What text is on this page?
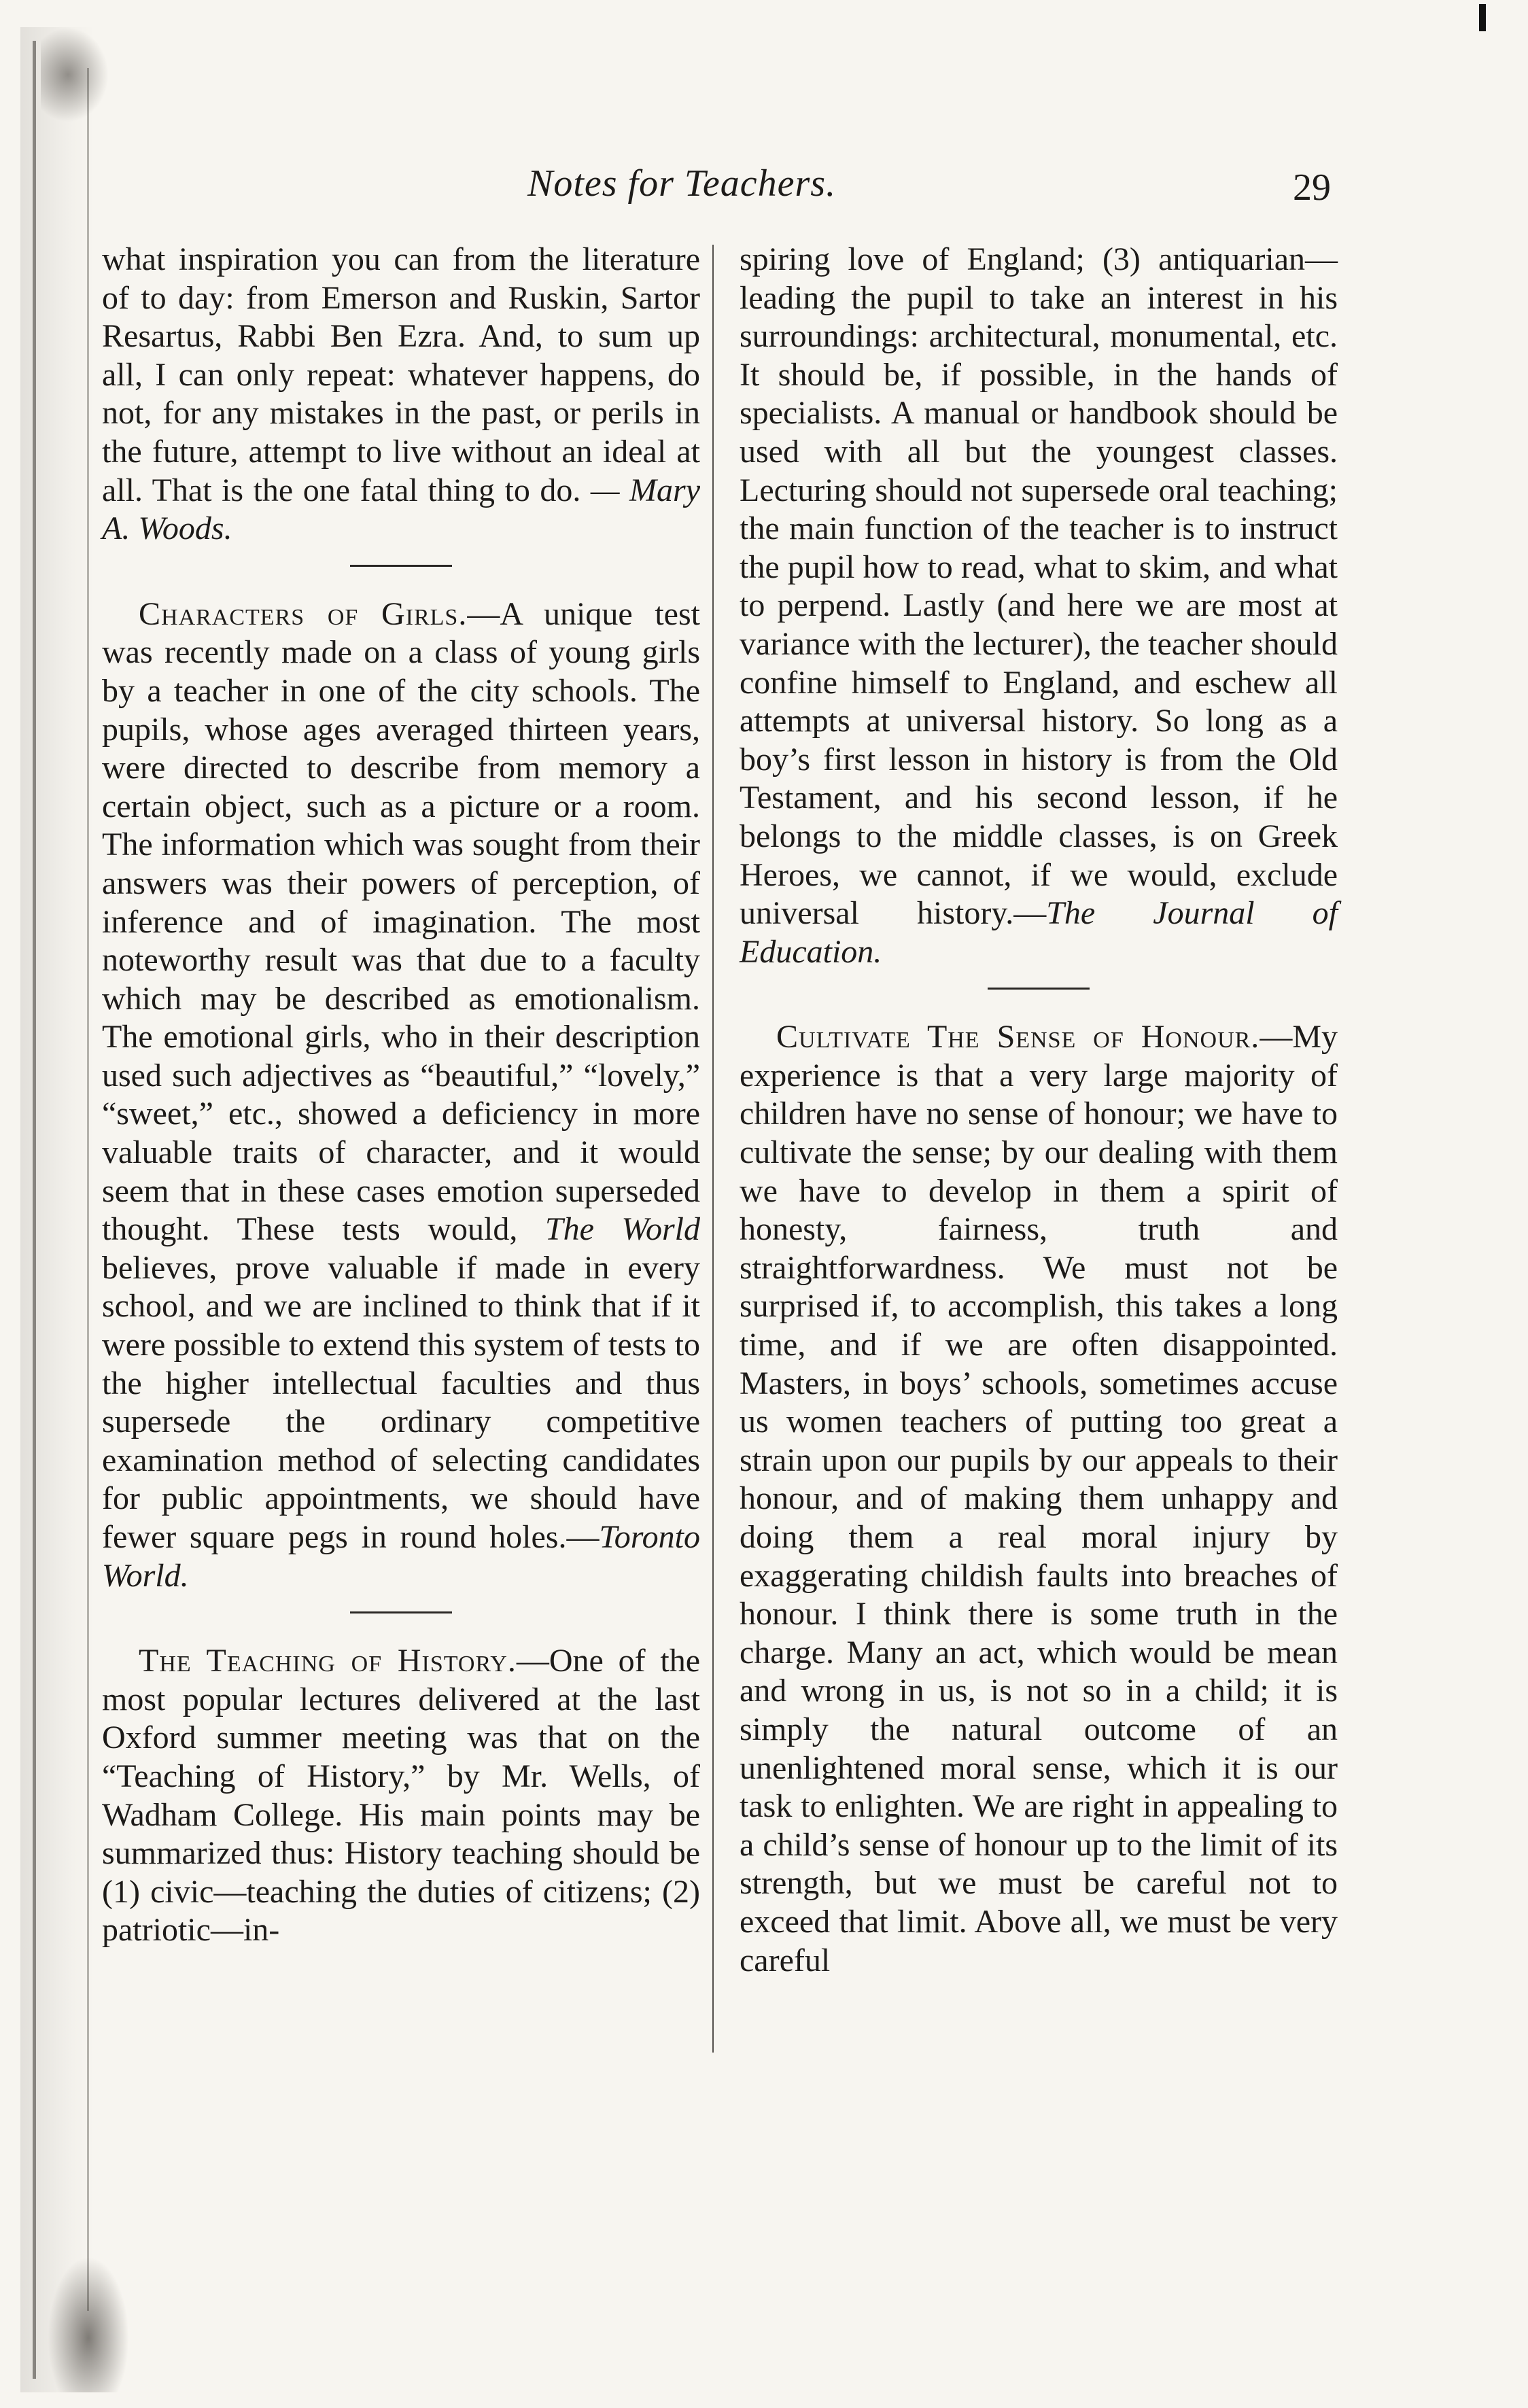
Notes for Teachers.	29

what inspiration you can from the literature of to day: from Emerson and Ruskin, Sartor Resartus, Rabbi Ben Ezra. And, to sum up all, I can only repeat: whatever happens, do not, for any mistakes in the past, or perils in the future, attempt to live without an ideal at all. That is the one fatal thing to do. — Mary A. Woods.

Characters of Girls.—A unique test was recently made on a class of young girls by a teacher in one of the city schools. The pupils, whose ages averaged thirteen years, were directed to describe from memory a certain object, such as a picture or a room. The information which was sought from their answers was their powers of perception, of inference and of imagination. The most noteworthy result was that due to a faculty which may be described as emotionalism. The emotional girls, who in their description used such adjectives as “beautiful,” “lovely,” “sweet,” etc., showed a deficiency in more valuable traits of character, and it would seem that in these cases emotion superseded thought. These tests would, The World believes, prove valuable if made in every school, and we are inclined to think that if it were possible to extend this system of tests to the higher intellectual faculties and thus supersede the ordinary competitive examination method of selecting candidates for public appointments, we should have fewer square pegs in round holes.—Toronto World.

The Teaching of History.—One of the most popular lectures delivered at the last Oxford summer meeting was that on the “Teaching of History,” by Mr. Wells, of Wadham College. His main points may be summarized thus: History teaching should be (1) civic—teaching the duties of citizens; (2) patriotic—in-

spiring love of England; (3) antiquarian—leading the pupil to take an interest in his surroundings: architectural, monumental, etc. It should be, if possible, in the hands of specialists. A manual or handbook should be used with all but the youngest classes. Lecturing should not supersede oral teaching; the main function of the teacher is to instruct the pupil how to read, what to skim, and what to perpend. Lastly (and here we are most at variance with the lecturer), the teacher should confine himself to England, and eschew all attempts at universal history. So long as a boy’s first lesson in history is from the Old Testament, and his second lesson, if he belongs to the middle classes, is on Greek Heroes, we cannot, if we would, exclude universal history.—The Journal of Education.

Cultivate The Sense of Honour.—My experience is that a very large majority of children have no sense of honour; we have to cultivate the sense; by our dealing with them we have to develop in them a spirit of honesty, fairness, truth and straightforwardness. We must not be surprised if, to accomplish, this takes a long time, and if we are often disappointed. Masters, in boys’ schools, sometimes accuse us women teachers of putting too great a strain upon our pupils by our appeals to their honour, and of making them unhappy and doing them a real moral injury by exaggerating childish faults into breaches of honour. I think there is some truth in the charge. Many an act, which would be mean and wrong in us, is not so in a child; it is simply the natural outcome of an unenlightened moral sense, which it is our task to enlighten. We are right in appealing to a child’s sense of honour up to the limit of its strength, but we must be careful not to exceed that limit. Above all, we must be very careful
